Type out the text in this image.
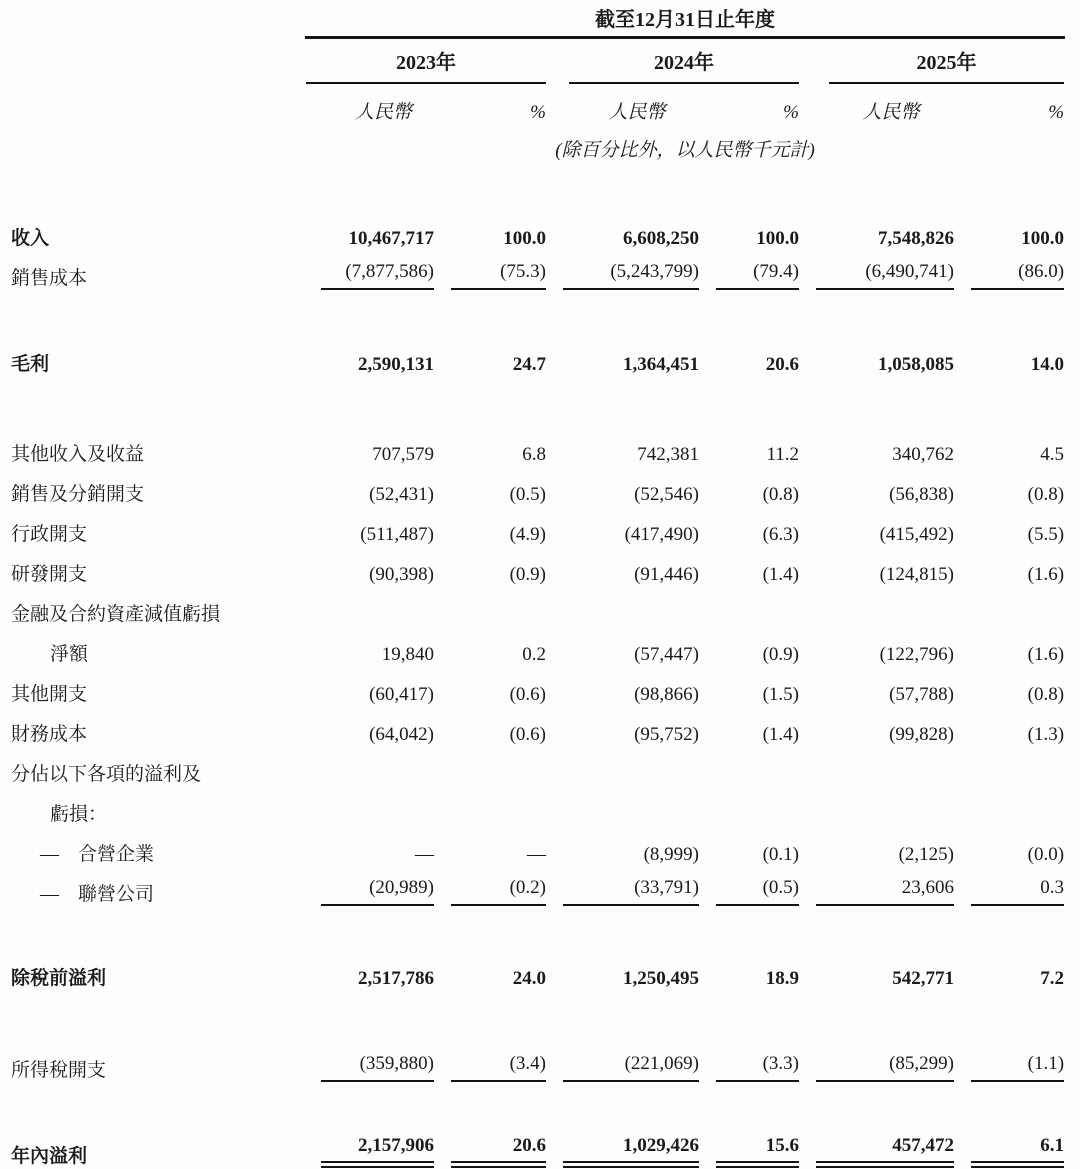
	截至12月31日止年度					

	2023年		2024年		2025年	

	人民幣	%	人民幣	%	人民幣	%

	(除百分比外，以人民幣千元計)					

收入	10,467,717	100.0	6,608,250	100.0	7,548,826	100.0

銷售成本	(7,877,586)	(75.3)	(5,243,799)	(79.4)	(6,490,741)	(86.0)

毛利	2,590,131	24.7	1,364,451	20.6	1,058,085	14.0

其他收入及收益	707,579	6.8	742,381	11.2	340,762	4.5

銷售及分銷開支	(52,431)	(0.5)	(52,546)	(0.8)	(56,838)	(0.8)

行政開支	(511,487)	(4.9)	(417,490)	(6.3)	(415,492)	(5.5)

研發開支	(90,398)	(0.9)	(91,446)	(1.4)	(124,815)	(1.6)

金融及合約資產減值虧損	

淨額	19,840	0.2	(57,447)	(0.9)	(122,796)	(1.6)

其他開支	(60,417)	(0.6)	(98,866)	(1.5)	(57,788)	(0.8)

財務成本	(64,042)	(0.6)	(95,752)	(1.4)	(99,828)	(1.3)

分佔以下各項的溢利及	

虧損：	

—　合營企業	—	—	(8,999)	(0.1)	(2,125)	(0.0)

—　聯營公司	(20,989)	(0.2)	(33,791)	(0.5)	23,606	0.3

除稅前溢利	2,517,786	24.0	1,250,495	18.9	542,771	7.2

所得稅開支	(359,880)	(3.4)	(221,069)	(3.3)	(85,299)	(1.1)

年內溢利	2,157,906	20.6	1,029,426	15.6	457,472	6.1
